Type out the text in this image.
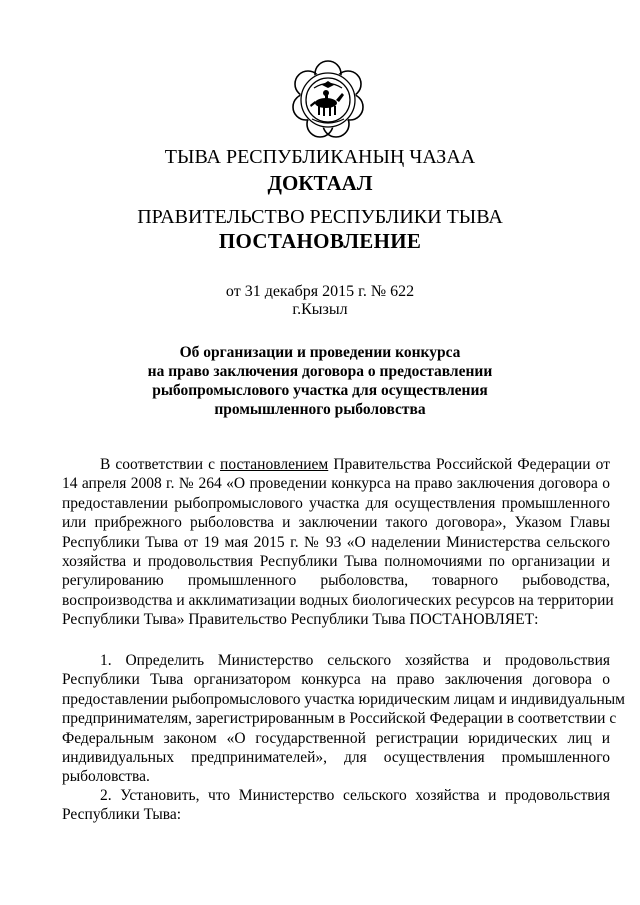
ТЫВА РЕСПУБЛИКАНЫҢ ЧАЗАА
ДОКТААЛ
ПРАВИТЕЛЬСТВО РЕСПУБЛИКИ ТЫВА
ПОСТАНОВЛЕНИЕ
от 31 декабря 2015 г. № 622
г.Кызыл
Об организации и проведении конкурса
на право заключения договора о предоставлении
рыбопромыслового участка для осуществления
промышленного рыболовства
В соответствии с постановлением Правительства Российской Федерации от
14 апреля 2008 г. № 264 «О проведении конкурса на право заключения договора о
предоставлении рыбопромыслового участка для осуществления промышленного
или прибрежного рыболовства и заключении такого договора», Указом Главы
Республики Тыва от 19 мая 2015 г. № 93 «О наделении Министерства сельского
хозяйства и продовольствия Республики Тыва полномочиями по организации и
регулированию промышленного рыболовства, товарного рыбоводства,
воспроизводства и акклиматизации водных биологических ресурсов на территории
Республики Тыва» Правительство Республики Тыва ПОСТАНОВЛЯЕТ:
1. Определить Министерство сельского хозяйства и продовольствия
Республики Тыва организатором конкурса на право заключения договора о
предоставлении рыбопромыслового участка юридическим лицам и индивидуальным
предпринимателям, зарегистрированным в Российской Федерации в соответствии с
Федеральным законом «О государственной регистрации юридических лиц и
индивидуальных предпринимателей», для осуществления промышленного
рыболовства.
2. Установить, что Министерство сельского хозяйства и продовольствия
Республики Тыва:
